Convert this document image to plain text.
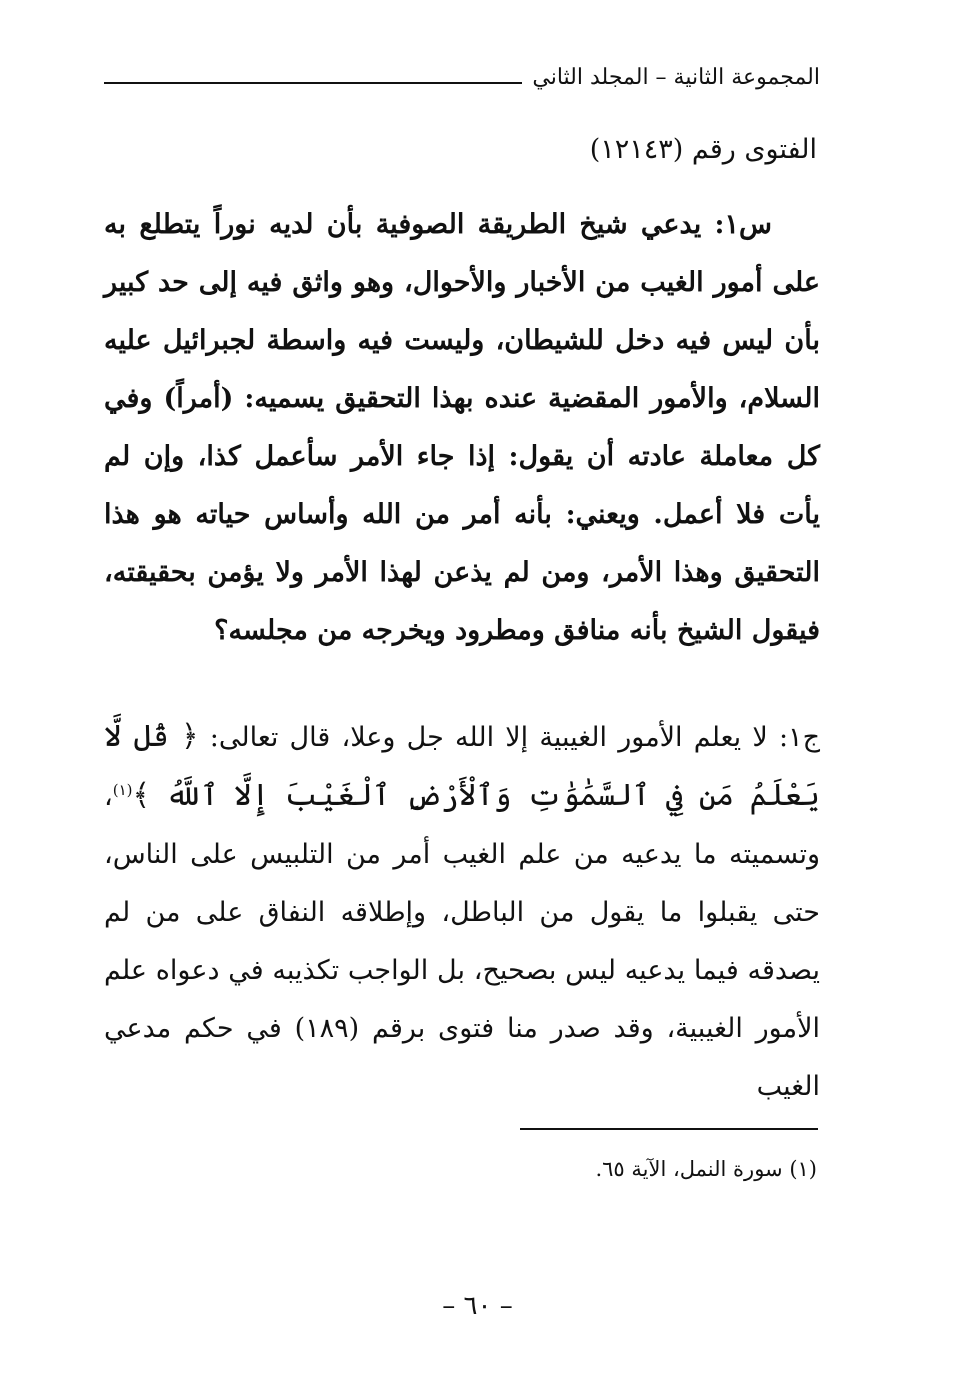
المجموعة الثانية – المجلد الثاني
الفتوى رقم (١٢١٤٣)

س١: يدعي شيخ الطريقة الصوفية بأن لديه نوراً يتطلع به على أمور الغيب من الأخبار والأحوال، وهو واثق فيه إلى حد كبير بأن ليس فيه دخل للشيطان، وليست فيه واسطة لجبرائيل عليه السلام، والأمور المقضية عنده بهذا التحقيق يسميه: (أمراً) وفي كل معاملة عادته أن يقول: إذا جاء الأمر سأعمل كذا، وإن لم يأت فلا أعمل. ويعني: بأنه أمر من الله وأساس حياته هو هذا التحقيق وهذا الأمر، ومن لم يذعن لهذا الأمر ولا يؤمن بحقيقته، فيقول الشيخ بأنه منافق ومطرود ويخرجه من مجلسه؟

ج١: لا يعلم الأمور الغيبية إلا الله جل وعلا، قال تعالى: ﴿ قُل لَّا يَعْلَمُ مَن فِي ٱلسَّمَٰوَٰتِ وَٱلْأَرْضِ ٱلْغَيْبَ إِلَّا ٱللَّهُ ﴾$^{(١)}$، وتسميته ما يدعيه من علم الغيب أمر من التلبيس على الناس، حتى يقبلوا ما يقول من الباطل، وإطلاقه النفاق على من لم يصدقه فيما يدعيه ليس بصحيح، بل الواجب تكذيبه في دعواه علم الأمور الغيبية، وقد صدر منا فتوى برقم (١٨٩) في حكم مدعي الغيب

(١) سورة النمل، الآية ٦٥.
– ٦٠ –
